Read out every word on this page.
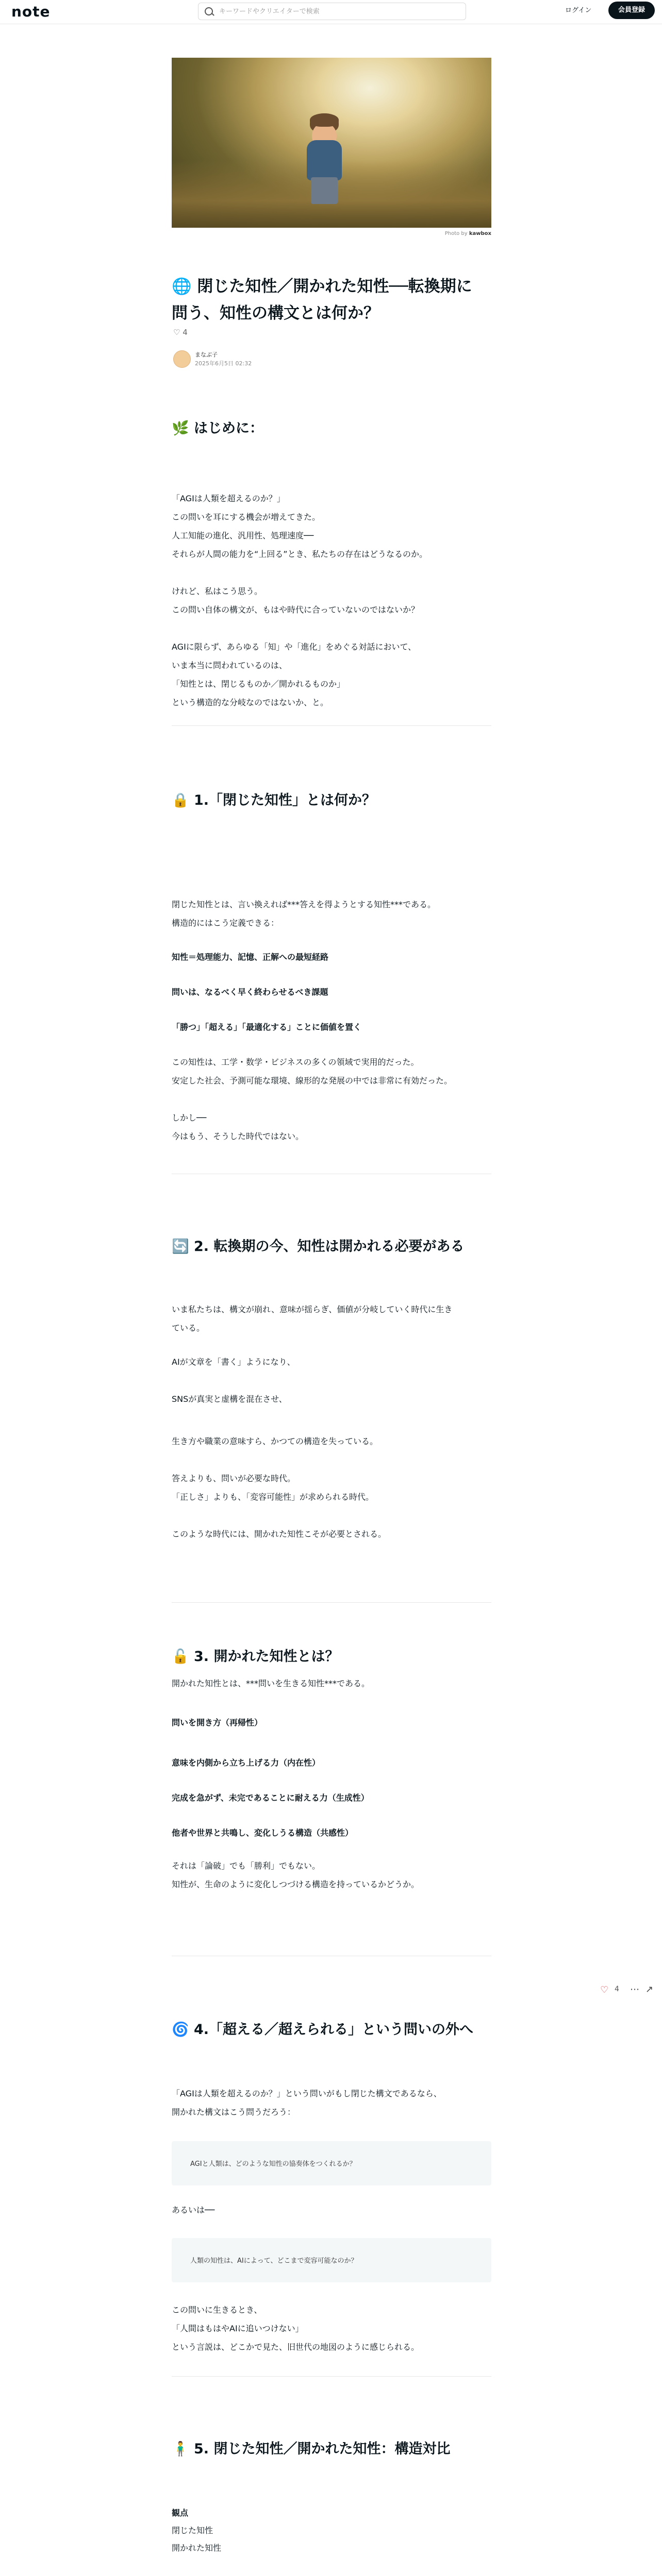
note
キーワードやクリエイターで検索	ログイン	会員登録
Photo by kawbox
🌐 閉じた知性／開かれた知性──転換期に
問う、知性の構文とは何か？
♡ 4
まなぶ子
2025年6月5日 02:32
🌿 はじめに：

「AGIは人類を超えるのか？」

この問いを耳にする機会が増えてきた。

人工知能の進化、汎用性、処理速度──

それらが人間の能力を“上回る”とき、私たちの存在はどうなるのか。

けれど、私はこう思う。

この問い自体の構文が、もはや時代に合っていないのではないか？

AGIに限らず、あらゆる「知」や「進化」をめぐる対話において、

いま本当に問われているのは、

「知性とは、閉じるものか／開かれるものか」

という構造的な分岐なのではないか、と。

🔒 1.「閉じた知性」とは何か？

閉じた知性とは、言い換えれば***答えを得ようとする知性***である。

構造的にはこう定義できる：

知性＝処理能力、記憶、正解への最短経路

問いは、なるべく早く終わらせるべき課題

「勝つ」「超える」「最適化する」ことに価値を置く

この知性は、工学・数学・ビジネスの多くの領域で実用的だった。

安定した社会、予測可能な環境、線形的な発展の中では非常に有効だった。

しかし──

今はもう、そうした時代ではない。

🔄 2. 転換期の今、知性は開かれる必要がある

いま私たちは、構文が崩れ、意味が揺らぎ、価値が分岐していく時代に生き

ている。

AIが文章を「書く」ようになり、

SNSが真実と虚構を混在させ、

生き方や職業の意味すら、かつての構造を失っている。

答えよりも、問いが必要な時代。

「正しさ」よりも、「変容可能性」が求められる時代。

このような時代には、開かれた知性こそが必要とされる。

🔓 3. 開かれた知性とは？

開かれた知性とは、***問いを生きる知性***である。

問いを開き方（再帰性）

意味を内側から立ち上げる力（内在性）

完成を急がず、未完であることに耐える力（生成性）

他者や世界と共鳴し、変化しうる構造（共感性）

それは「論破」でも「勝利」でもない。

知性が、生命のように変化しつづける構造を持っているかどうか。

🌀 4.「超える／超えられる」という問いの外へ

「AGIは人類を超えるのか？」という問いがもし閉じた構文であるなら、

開かれた構文はこう問うだろう：

AGIと人類は、どのような知性の協奏体をつくれるか？

あるいは──

人類の知性は、AIによって、どこまで変容可能なのか？

この問いに生きるとき、

「人間はもはやAIに追いつけない」

という言説は、どこかで見た、旧世代の地図のように感じられる。

🧍‍♂️ 5. 閉じた知性／開かれた知性：構造対比

観点

閉じた知性

開かれた知性

♡ 4 ⋯ ↗
